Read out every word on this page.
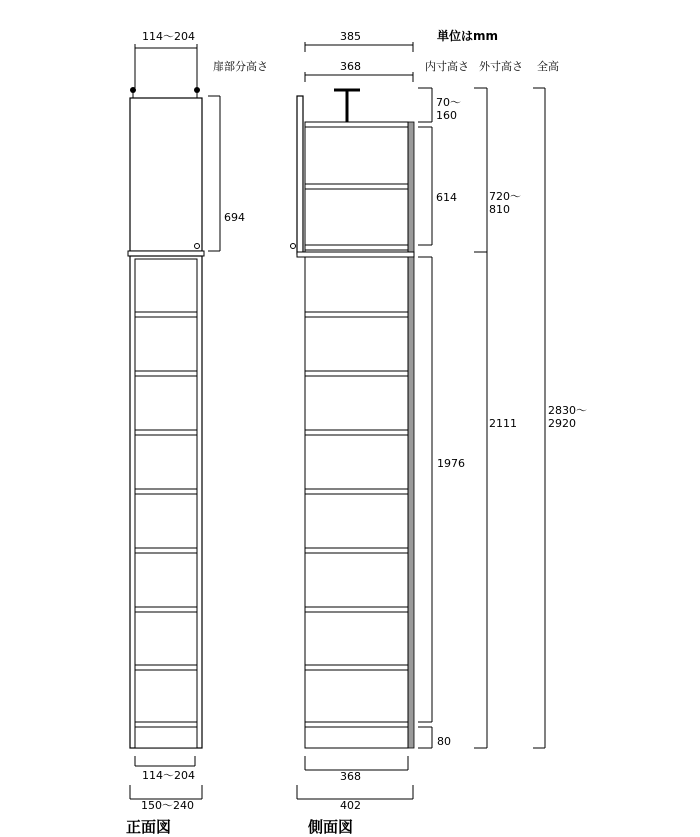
単位はmm
内寸高さ 外寸高さ 全高
114～204
扉部分高さ
694
114～204
150～240
正面図
385
368
70～
160
614
1976
80
720～
810
2111
2830～
2920
368
402
側面図
